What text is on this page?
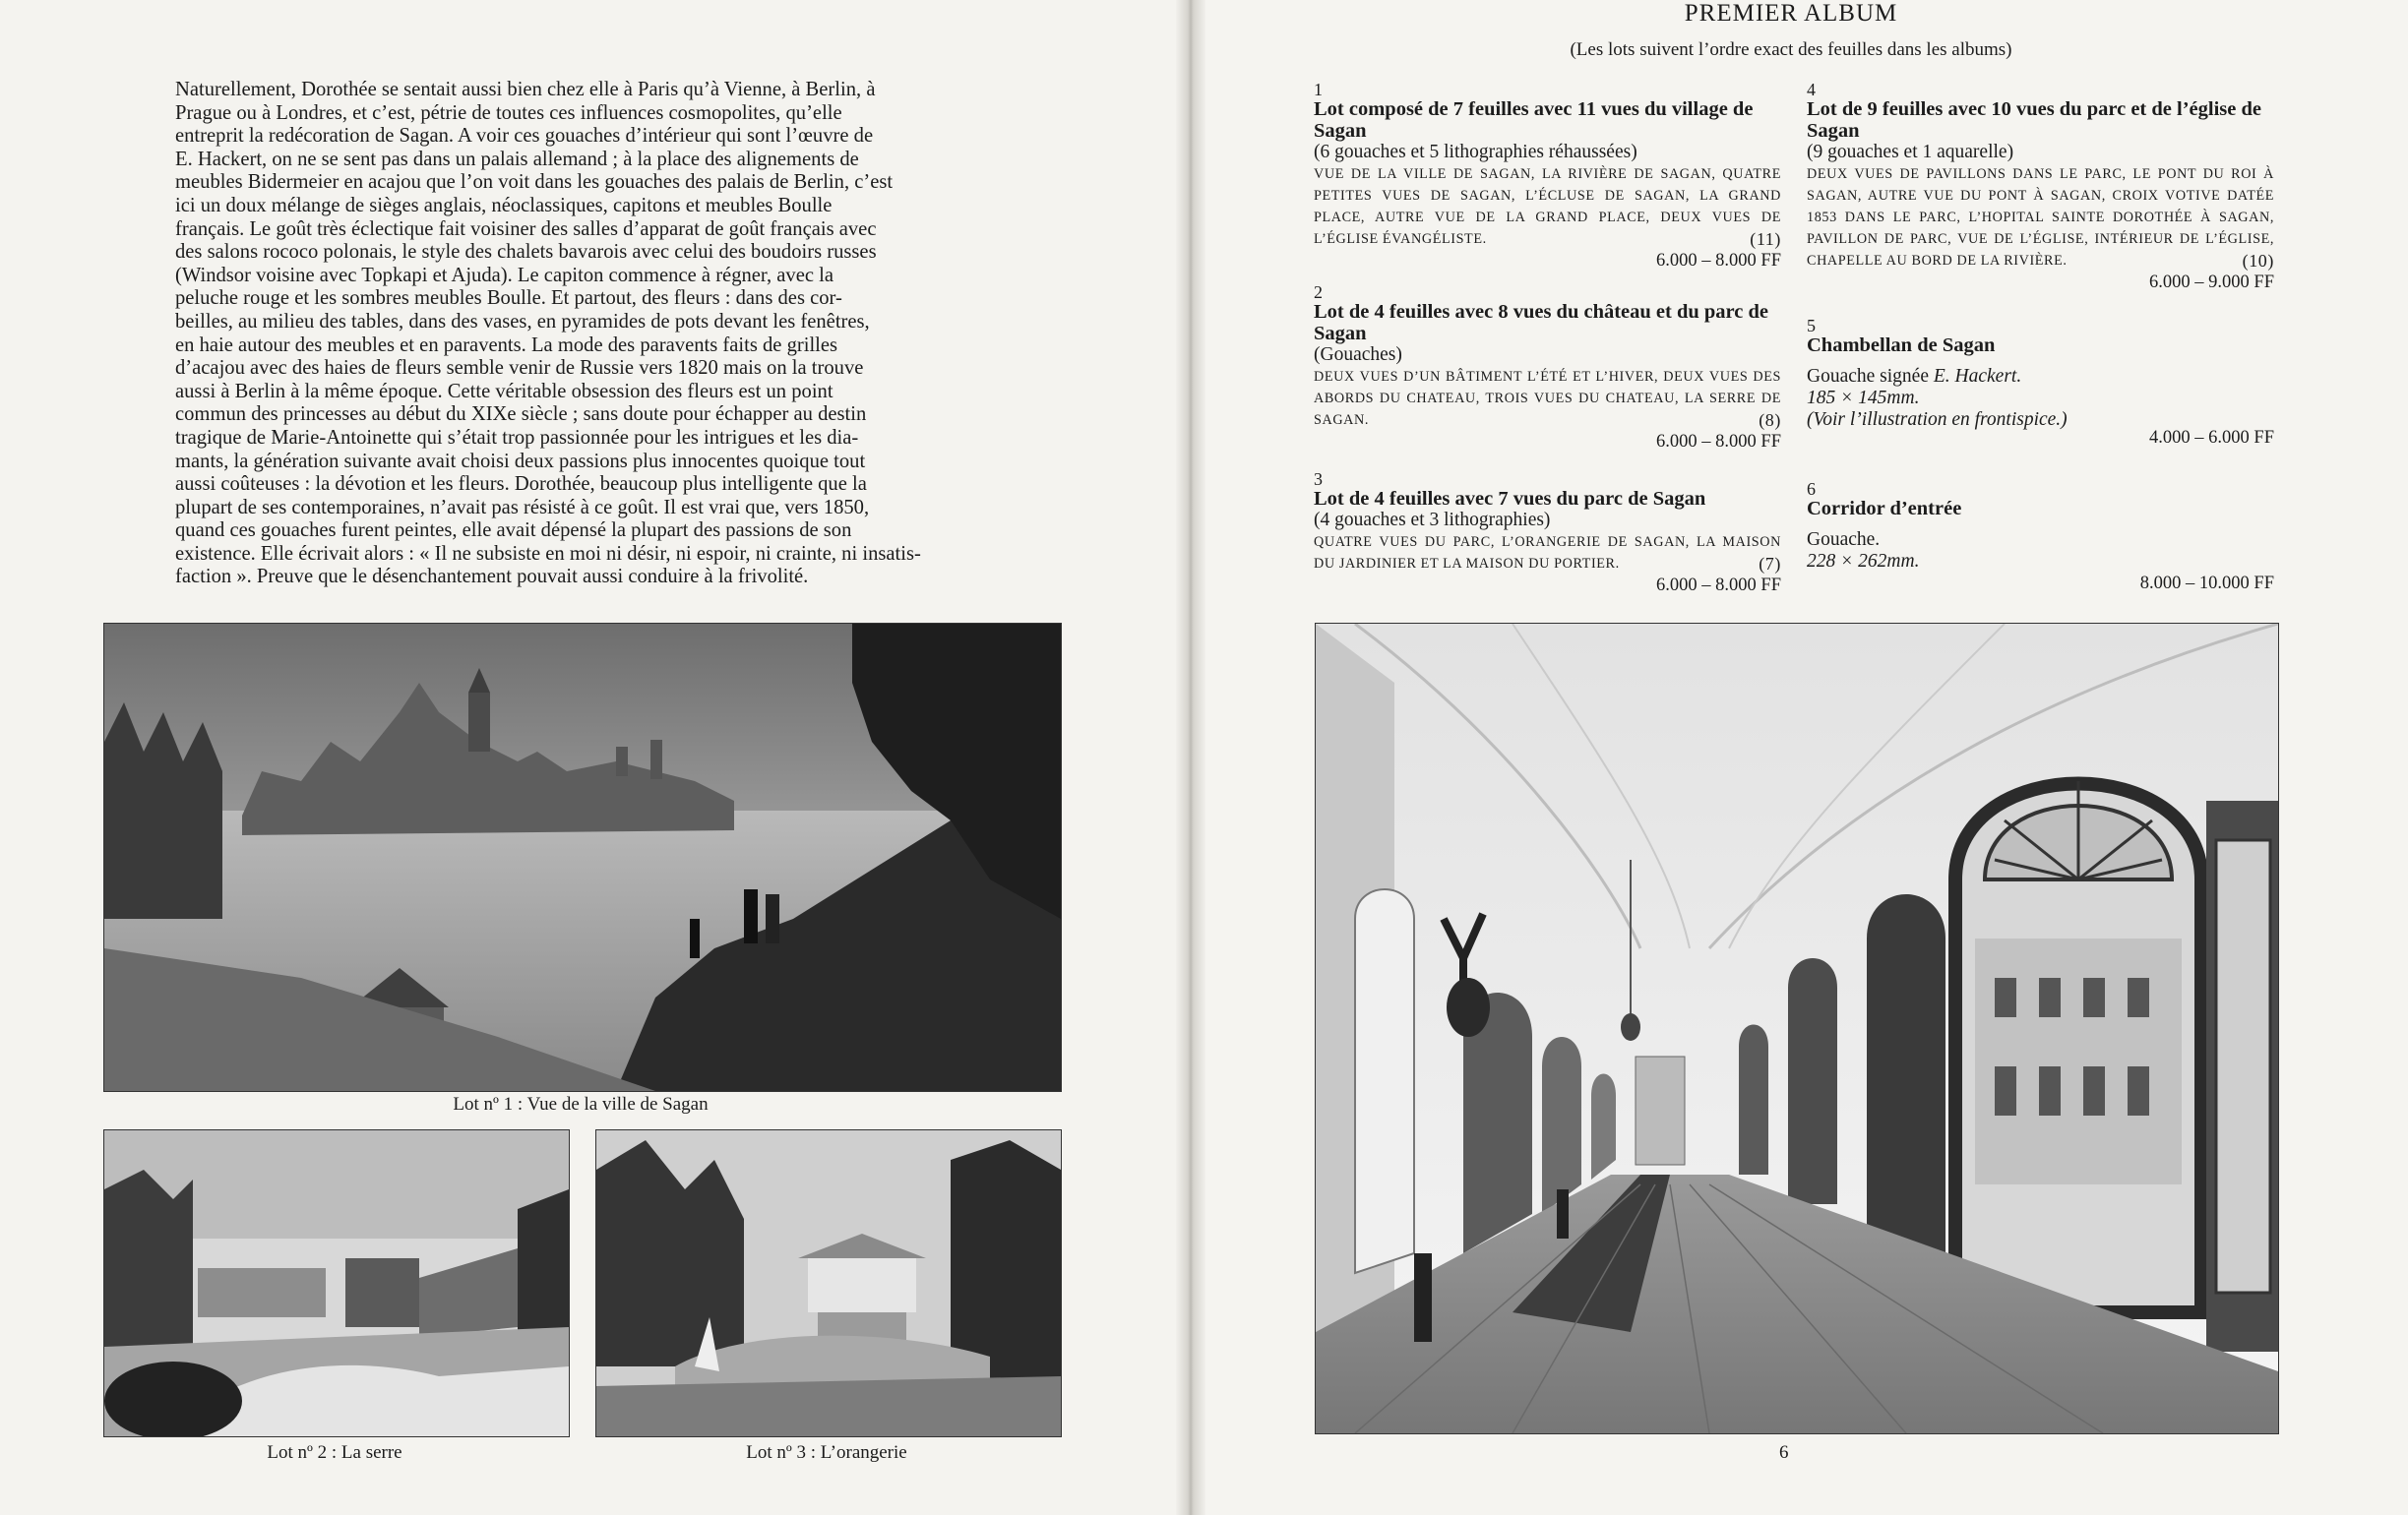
Naturellement, Dorothée se sentait aussi bien chez elle à Paris qu’à Vienne, à Berlin, à

Prague ou à Londres, et c’est, pétrie de toutes ces influences cosmopolites, qu’elle

entreprit la redécoration de Sagan. A voir ces gouaches d’intérieur qui sont l’œuvre de

E. Hackert, on ne se sent pas dans un palais allemand ; à la place des alignements de

meubles Bidermeier en acajou que l’on voit dans les gouaches des palais de Berlin, c’est

ici un doux mélange de sièges anglais, néoclassiques, capitons et meubles Boulle

français. Le goût très éclectique fait voisiner des salles d’apparat de goût français avec

des salons rococo polonais, le style des chalets bavarois avec celui des boudoirs russes

(Windsor voisine avec Topkapi et Ajuda). Le capiton commence à régner, avec la

peluche rouge et les sombres meubles Boulle. Et partout, des fleurs : dans des cor-

beilles, au milieu des tables, dans des vases, en pyramides de pots devant les fenêtres,

en haie autour des meubles et en paravents. La mode des paravents faits de grilles

d’acajou avec des haies de fleurs semble venir de Russie vers 1820 mais on la trouve

aussi à Berlin à la même époque. Cette véritable obsession des fleurs est un point

commun des princesses au début du XIXe siècle ; sans doute pour échapper au destin

tragique de Marie-Antoinette qui s’était trop passionnée pour les intrigues et les dia-

mants, la génération suivante avait choisi deux passions plus innocentes quoique tout

aussi coûteuses : la dévotion et les fleurs. Dorothée, beaucoup plus intelligente que la

plupart de ses contemporaines, n’avait pas résisté à ce goût. Il est vrai que, vers 1850,

quand ces gouaches furent peintes, elle avait dépensé la plupart des passions de son

existence. Elle écrivait alors : « Il ne subsiste en moi ni désir, ni espoir, ni crainte, ni insatis-

faction ». Preuve que le désenchantement pouvait aussi conduire à la frivolité.

Lot nº 1 : Vue de la ville de Sagan
Lot nº 2 : La serre	Lot nº 3 : L’orangerie
PREMIER ALBUM
(Les lots suivent l’ordre exact des feuilles dans les albums)
1
Lot composé de 7 feuilles avec 11 vues du village de Sagan
(6 gouaches et 5 lithographies réhaussées)
VUE DE LA VILLE DE SAGAN, LA RIVIÈRE DE SAGAN, QUATRE PETITES VUES DE SAGAN, L’ÉCLUSE DE SAGAN, LA GRAND PLACE, AUTRE VUE DE LA GRAND PLACE, DEUX VUES DE L’ÉGLISE ÉVANGÉLISTE.	(11)
6.000 – 8.000 FF
2
Lot de 4 feuilles avec 8 vues du château et du parc de Sagan
(Gouaches)
DEUX VUES D’UN BÂTIMENT L’ÉTÉ ET L’HIVER, DEUX VUES DES ABORDS DU CHATEAU, TROIS VUES DU CHATEAU, LA SERRE DE SAGAN.	(8)
6.000 – 8.000 FF
3
Lot de 4 feuilles avec 7 vues du parc de Sagan
(4 gouaches et 3 lithographies)
QUATRE VUES DU PARC, L’ORANGERIE DE SAGAN, LA MAISON DU JARDINIER ET LA MAISON DU PORTIER.	(7)
6.000 – 8.000 FF
4
Lot de 9 feuilles avec 10 vues du parc et de l’église de Sagan
(9 gouaches et 1 aquarelle)
DEUX VUES DE PAVILLONS DANS LE PARC, LE PONT DU ROI À SAGAN, AUTRE VUE DU PONT À SAGAN, CROIX VOTIVE DATÉE 1853 DANS LE PARC, L’HOPITAL SAINTE DOROTHÉE À SAGAN, PAVILLON DE PARC, VUE DE L’ÉGLISE, INTÉRIEUR DE L’ÉGLISE, CHAPELLE AU BORD DE LA RIVIÈRE.	(10)
6.000 – 9.000 FF
5
Chambellan de Sagan
Gouache signée E. Hackert.
185 × 145mm.
(Voir l’illustration en frontispice.)
4.000 – 6.000 FF
6
Corridor d’entrée
Gouache.
228 × 262mm.
8.000 – 10.000 FF
6
